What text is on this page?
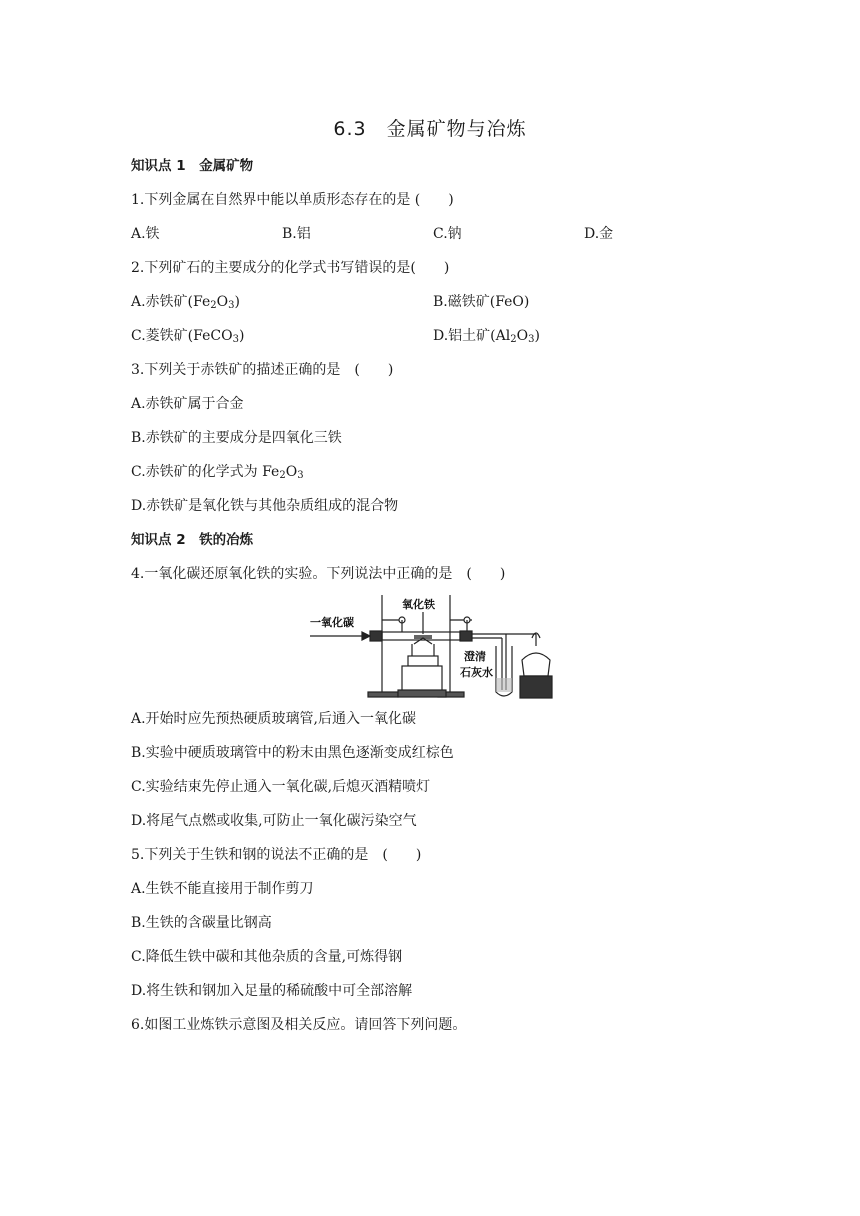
6.3　金属矿物与冶炼
知识点 1　金属矿物
1.下列金属在自然界中能以单质形态存在的是 (　　)
A.铁	B.铝	C.钠	D.金
2.下列矿石的主要成分的化学式书写错误的是(　　)
A.赤铁矿$(Fe_2O_3)$	B.磁铁矿(FeO)
C.菱铁矿(FeCO$_3$)	D.铝土矿$(Al_2O_3)$
3.下列关于赤铁矿的描述正确的是　(　　)
A.赤铁矿属于合金
B.赤铁矿的主要成分是四氧化三铁
C.赤铁矿的化学式为 $Fe_2O_3$
D.赤铁矿是氧化铁与其他杂质组成的混合物
知识点 2　铁的冶炼
4.一氧化碳还原氧化铁的实验。下列说法中正确的是　(　　)
一氧化碳
氧化铁
澄清
石灰水
A.开始时应先预热硬质玻璃管,后通入一氧化碳
B.实验中硬质玻璃管中的粉末由黑色逐渐变成红棕色
C.实验结束先停止通入一氧化碳,后熄灭酒精喷灯
D.将尾气点燃或收集,可防止一氧化碳污染空气
5.下列关于生铁和钢的说法不正确的是　(　　)
A.生铁不能直接用于制作剪刀
B.生铁的含碳量比钢高
C.降低生铁中碳和其他杂质的含量,可炼得钢
D.将生铁和钢加入足量的稀硫酸中可全部溶解
6.如图工业炼铁示意图及相关反应。请回答下列问题。
